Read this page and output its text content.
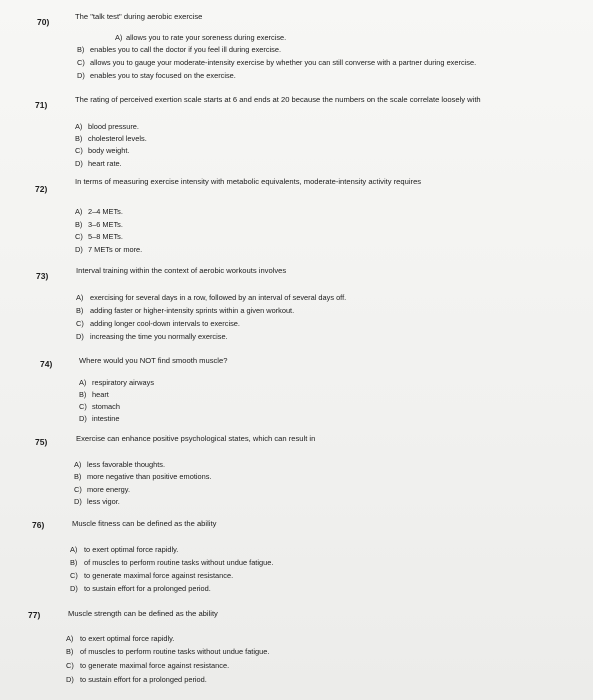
70)
The "talk test" during aerobic exercise
A) allows you to rate your soreness during exercise.
B) enables you to call the doctor if you feel ill during exercise.
C) allows you to gauge your moderate-intensity exercise by whether you can still converse with a partner during exercise.
D) enables you to stay focused on the exercise.
71)
The rating of perceived exertion scale starts at 6 and ends at 20 because the numbers on the scale correlate loosely with
A) blood pressure.
B) cholesterol levels.
C) body weight.
D) heart rate.
72)
In terms of measuring exercise intensity with metabolic equivalents, moderate-intensity activity requires
A) 2–4 METs.
B) 3–6 METs.
C) 5–8 METs.
D) 7 METs or more.
73)
Interval training within the context of aerobic workouts involves
A) exercising for several days in a row, followed by an interval of several days off.
B) adding faster or higher-intensity sprints within a given workout.
C) adding longer cool-down intervals to exercise.
D) increasing the time you normally exercise.
74)	Where would you NOT find smooth muscle?
A) respiratory airways
B) heart
C) stomach
D) intestine
75)	Exercise can enhance positive psychological states, which can result in
A) less favorable thoughts.
B) more negative than positive emotions.
C) more energy.
D) less vigor.
76)	Muscle fitness can be defined as the ability
A) to exert optimal force rapidly.
B) of muscles to perform routine tasks without undue fatigue.
C) to generate maximal force against resistance.
D) to sustain effort for a prolonged period.
77)	Muscle strength can be defined as the ability
A) to exert optimal force rapidly.
B) of muscles to perform routine tasks without undue fatigue.
C) to generate maximal force against resistance.
D) to sustain effort for a prolonged period.
